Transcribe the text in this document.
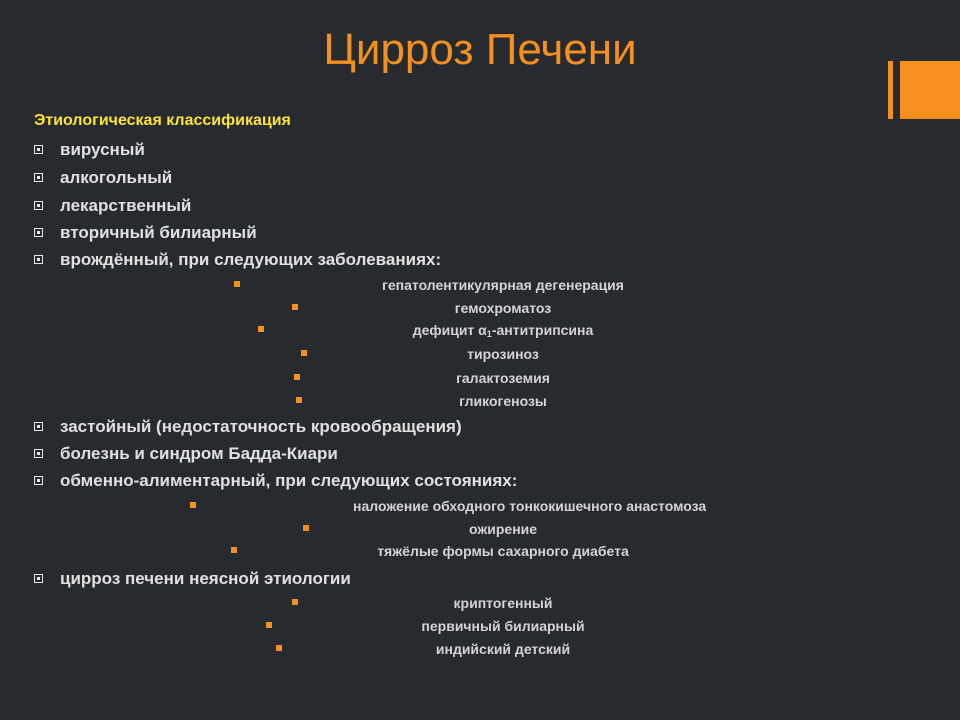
Цирроз Печени
Этиологическая классификация
вирусный
алкогольный
лекарственный
вторичный билиарный
врождённый, при следующих заболеваниях:
гепатолентикулярная дегенерация
гемохроматоз
дефицит $\alpha_1$-антитрипсина
тирозиноз
галактоземия
гликогенозы
застойный (недостаточность кровообращения)
болезнь и синдром Бадда-Киари
обменно-алиментарный, при следующих состояниях:
наложение обходного тонкокишечного анастомоза
ожирение
тяжёлые формы сахарного диабета
цирроз печени неясной этиологии
криптогенный
первичный билиарный
индийский детский
